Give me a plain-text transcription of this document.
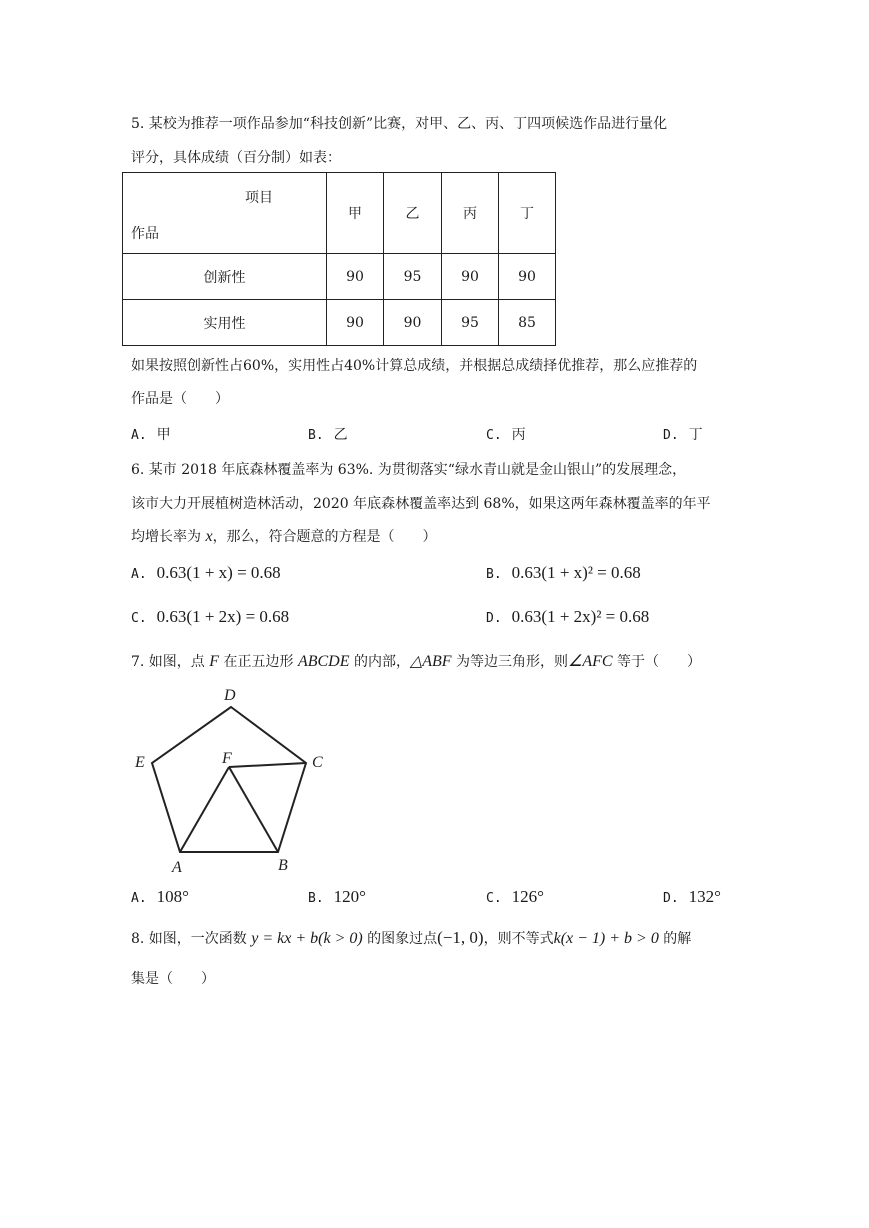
5. 某校为推荐一项作品参加“科技创新”比赛，对甲、乙、丙、丁四项候选作品进行量化
评分，具体成绩（百分制）如表：
项目
作品	甲	乙	丙	丁
创新性	90	95	90	90
实用性	90	90	95	85
如果按照创新性占60%，实用性占40%计算总成绩，并根据总成绩择优推荐，那么应推荐的
作品是（　　）
A. 甲	B. 乙	C. 丙	D. 丁
6. 某市 2018 年底森林覆盖率为 63%. 为贯彻落实“绿水青山就是金山银山”的发展理念，
该市大力开展植树造林活动，2020 年底森林覆盖率达到 68%，如果这两年森林覆盖率的年平
均增长率为 x，那么，符合题意的方程是（　　）
A. 0.63(1 + x) = 0.68	B. 0.63(1 + x)² = 0.68
C. 0.63(1 + 2x) = 0.68	D. 0.63(1 + 2x)² = 0.68
7. 如图，点 F 在正五边形 ABCDE 的内部，△ABF 为等边三角形，则∠AFC 等于（　　）
D
E	F	C
A	B
A. 108°	B. 120°	C. 126°	D. 132°
8. 如图，一次函数 y = kx + b(k > 0) 的图象过点(−1, 0)，则不等式k(x − 1) + b > 0 的解
集是（　　）
